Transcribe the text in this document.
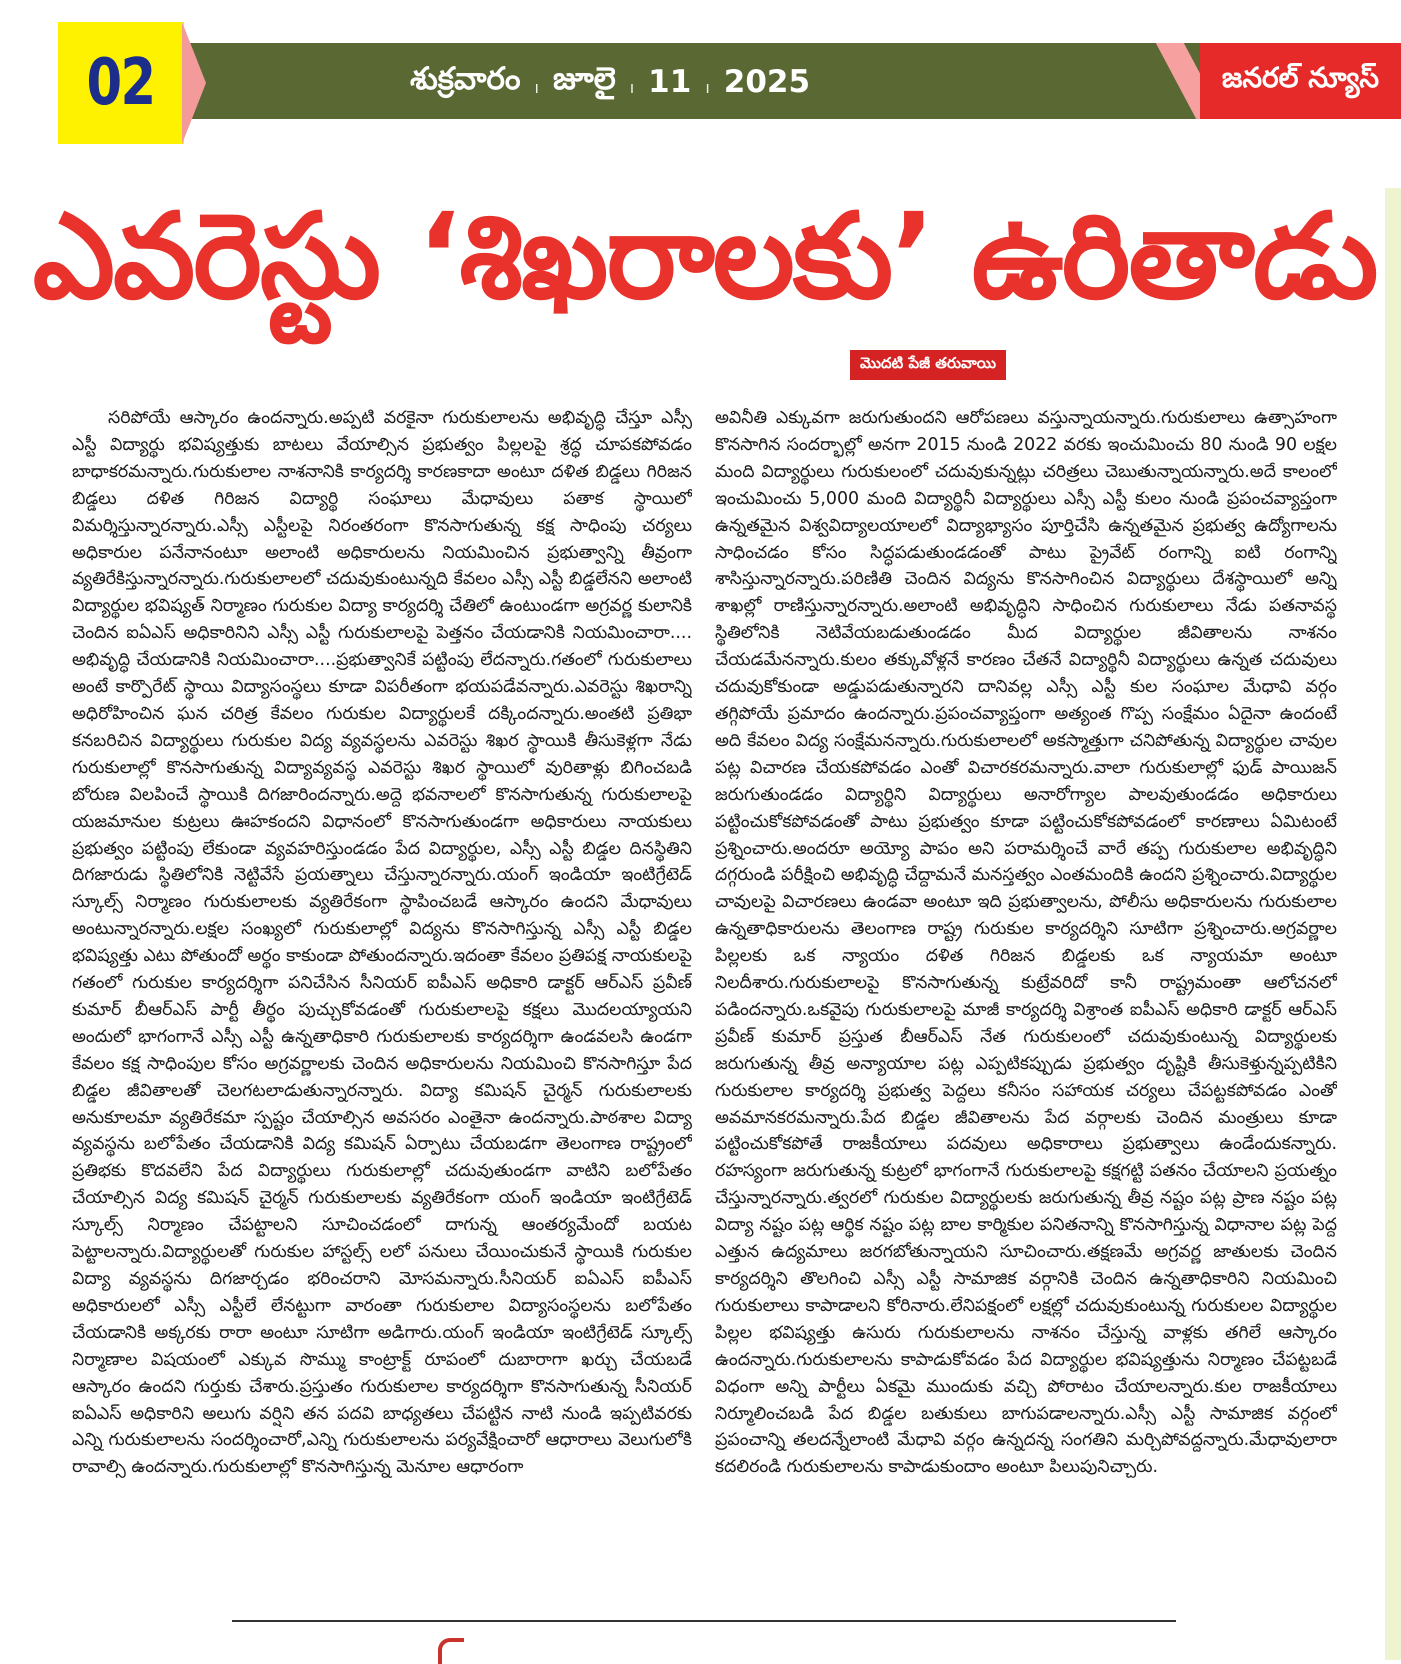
02	శుక్రవారం ı జూలై ı 11 ı 2025	జనరల్ న్యూస్
ఎవరెస్టు ‘శిఖరాలకు’ ఉరితాడు
మొదటి పేజీ తరువాయి
సరిపోయే ఆస్కారం ఉందన్నారు.అప్పటి వరకైనా గురుకులాలను అభివృద్ధి చేస్తూ ఎస్సీ ఎస్టీ విద్యార్థు భవిష్యత్తుకు బాటలు వేయాల్సిన ప్రభుత్వం పిల్లలపై శ్రద్ధ చూపకపోవడం బాధాకరమన్నారు.గురుకులాల నాశనానికి కార్యదర్శి కారణకాదా అంటూ దళిత బిడ్డలు గిరిజన బిడ్డలు దళిత గిరిజన విద్యార్థి సంఘాలు మేధావులు పతాక స్థాయిలో విమర్శిస్తున్నారన్నారు.ఎస్సీ ఎస్టీలపై నిరంతరంగా కొనసాగుతున్న కక్ష సాధింపు చర్యలు అధికారుల పనేనానంటూ అలాంటి అధికారులను నియమించిన ప్రభుత్వాన్ని తీవ్రంగా వ్యతిరేకిస్తున్నారన్నారు.గురుకులాలలో చదువుకుంటున్నది కేవలం ఎస్సీ ఎస్టీ బిడ్డలేనని అలాంటి విద్యార్థుల భవిష్యత్ నిర్మాణం గురుకుల విద్యా కార్యదర్శి చేతిలో ఉంటుండగా అగ్రవర్ణ కులానికి చెందిన ఐఏఎస్ అధికారినిని ఎస్సీ ఎస్టీ గురుకులాలపై పెత్తనం చేయడానికి నియమించారా.... అభివృద్ధి చేయడానికి నియమించారా....ప్రభుత్వానికే పట్టింపు లేదన్నారు.గతంలో గురుకులాలు అంటే కార్పొరేట్ స్థాయి విద్యాసంస్థలు కూడా విపరీతంగా భయపడేవన్నారు.ఎవరెస్టు శిఖరాన్ని అధిరోహించిన ఘన చరిత్ర కేవలం గురుకుల విద్యార్థులకే దక్కిందన్నారు.అంతటి ప్రతిభా కనబరిచిన విద్యార్థులు గురుకుల విద్య వ్యవస్థలను ఎవరెస్టు శిఖర స్థాయికి తీసుకెళ్లగా నేడు గురుకులాల్లో కొనసాగుతున్న విద్యావ్యవస్థ ఎవరెస్టు శిఖర స్థాయిలో వురితాళ్లు బిగించబడి బోరుణ విలపించే స్థాయికి దిగజారిందన్నారు.అద్దె భవనాలలో కొనసాగుతున్న గురుకులాలపై యజమానుల కుట్రలు ఊహకందని విధానంలో కొనసాగుతుండగా అధికారులు నాయకులు ప్రభుత్వం పట్టింపు లేకుండా వ్యవహరిస్తుండడం పేద విద్యార్థుల, ఎస్సీ ఎస్టీ బిడ్డల దినస్థితిని దిగజారుడు స్థితిలోనికి నెట్టివేసే ప్రయత్నాలు చేస్తున్నారన్నారు.యంగ్ ఇండియా ఇంటిగ్రేటెడ్ స్కూల్స్ నిర్మాణం గురుకులాలకు వ్యతిరేకంగా స్థాపించబడే ఆస్కారం ఉందని మేధావులు అంటున్నారన్నారు.లక్షల సంఖ్యలో గురుకులాల్లో విద్యను కొనసాగిస్తున్న ఎస్సీ ఎస్టీ బిడ్డల భవిష్యత్తు ఎటు పోతుందో అర్థం కాకుండా పోతుందన్నారు.ఇదంతా కేవలం ప్రతిపక్ష నాయకులపై గతంలో గురుకుల కార్యదర్శిగా పనిచేసిన సీనియర్ ఐపీఎస్ అధికారి డాక్టర్ ఆర్ఎస్ ప్రవీణ్ కుమార్ బీఆర్ఎస్ పార్టీ తీర్థం పుచ్చుకోవడంతో గురుకులాలపై కక్షలు మొదలయ్యాయని అందులో భాగంగానే ఎస్సీ ఎస్టీ ఉన్నతాధికారి గురుకులాలకు కార్యదర్శిగా ఉండవలసి ఉండగా కేవలం కక్ష సాధింపుల కోసం అగ్రవర్ణాలకు చెందిన అధికారులను నియమించి కొనసాగిస్తూ పేద బిడ్డల జీవితాలతో చెలగటలాడుతున్నారన్నారు. విద్యా కమిషన్ చైర్మన్ గురుకులాలకు అనుకూలమా వ్యతిరేకమా స్పష్టం చేయాల్సిన అవసరం ఎంతైనా ఉందన్నారు.పాఠశాల విద్యా వ్యవస్థను బలోపేతం చేయడానికి విద్య కమిషన్ ఏర్పాటు చేయబడగా తెలంగాణ రాష్ట్రంలో ప్రతిభకు కొదవలేని పేద విద్యార్థులు గురుకులాల్లో చదువుతుండగా వాటిని బలోపేతం చేయాల్సిన విద్య కమిషన్ చైర్మన్ గురుకులాలకు వ్యతిరేకంగా యంగ్ ఇండియా ఇంటిగ్రేటెడ్ స్కూల్స్ నిర్మాణం చేపట్టాలని సూచించడంలో దాగున్న ఆంతర్యమేందో బయట పెట్టాలన్నారు.విద్యార్థులతో గురుకుల హాస్టల్స్ లలో పనులు చేయించుకునే స్థాయికి గురుకుల విద్యా వ్యవస్థను దిగజార్చడం భరించరాని మోసమన్నారు.సీనియర్ ఐఏఎస్ ఐపీఎస్ అధికారులలో ఎస్సీ ఎస్టీలే లేనట్టుగా వారంతా గురుకులాల విద్యాసంస్థలను బలోపేతం చేయడానికి అక్కరకు రారా అంటూ సూటిగా అడిగారు.యంగ్ ఇండియా ఇంటిగ్రేటెడ్ స్కూల్స్ నిర్మాణాల విషయంలో ఎక్కువ సొమ్ము కాంట్రాక్ట్ రూపంలో దుబారాగా ఖర్చు చేయబడే ఆస్కారం ఉందని గుర్తుకు చేశారు.ప్రస్తుతం గురుకులాల కార్యదర్శిగా కొనసాగుతున్న సీనియర్ ఐఏఎస్ అధికారిని అలుగు వర్షిని తన పదవి బాధ్యతలు చేపట్టిన నాటి నుండి ఇప్పటివరకు ఎన్ని గురుకులాలను సందర్శించారో,ఎన్ని గురుకులాలను పర్యవేక్షించారో ఆధారాలు వెలుగులోకి రావాల్సి ఉందన్నారు.గురుకులాల్లో కొనసాగిస్తున్న మెనూల ఆధారంగా
అవినీతి ఎక్కువగా జరుగుతుందని ఆరోపణలు వస్తున్నాయన్నారు.గురుకులాలు ఉత్సాహంగా కొనసాగిన సందర్భాల్లో అనగా 2015 నుండి 2022 వరకు ఇంచుమించు 80 నుండి 90 లక్షల మంది విద్యార్థులు గురుకులంలో చదువుకున్నట్లు చరిత్రలు చెబుతున్నాయన్నారు.అదే కాలంలో ఇంచుమించు 5,000 మంది విద్యార్థినీ విద్యార్థులు ఎస్సీ ఎస్టీ కులం నుండి ప్రపంచవ్యాప్తంగా ఉన్నతమైన విశ్వవిద్యాలయాలలో విద్యాభ్యాసం పూర్తిచేసి ఉన్నతమైన ప్రభుత్వ ఉద్యోగాలను సాధించడం కోసం సిద్ధపడుతుండడంతో పాటు ప్రైవేట్ రంగాన్ని ఐటి రంగాన్ని శాసిస్తున్నారన్నారు.పరిణితి చెందిన విద్యను కొనసాగించిన విద్యార్థులు దేశస్థాయిలో అన్ని శాఖల్లో రాణిస్తున్నారన్నారు.అలాంటి అభివృద్ధిని సాధించిన గురుకులాలు నేడు పతనావస్థ స్థితిలోనికి నెటివేయబడుతుండడం మీద విద్యార్థుల జీవితాలను నాశనం చేయడమేనన్నారు.కులం తక్కువోళ్లనే కారణం చేతనే విద్యార్థినీ విద్యార్థులు ఉన్నత చదువులు చదువుకోకుండా అడ్డుపడుతున్నారని దానివల్ల ఎస్సీ ఎస్టీ కుల సంఘాల మేధావి వర్గం తగ్గిపోయే ప్రమాదం ఉందన్నారు.ప్రపంచవ్యాప్తంగా అత్యంత గొప్ప సంక్షేమం ఏదైనా ఉందంటే అది కేవలం విద్య సంక్షేమనన్నారు.గురుకులాలలో అకస్మాత్తుగా చనిపోతున్న విద్యార్థుల చావుల పట్ల విచారణ చేయకపోవడం ఎంతో విచారకరమన్నారు.వాలా గురుకులాల్లో ఫుడ్ పాయిజన్ జరుగుతుండడం విద్యార్థిని విద్యార్థులు అనారోగ్యాల పాలవుతుండడం అధికారులు పట్టించుకోకపోవడంతో పాటు ప్రభుత్వం కూడా పట్టించుకోకపోవడంలో కారణాలు ఏమిటంటే ప్రశ్నించారు.అందరూ అయ్యో పాపం అని పరామర్శించే వారే తప్ప గురుకులాల అభివృద్ధిని దగ్గరుండి పరీక్షించి అభివృద్ధి చేద్దామనే మనస్తత్వం ఎంతమందికి ఉందని ప్రశ్నించారు.విద్యార్థుల చావులపై విచారణలు ఉండవా అంటూ ఇది ప్రభుత్వాలను, పోలీసు అధికారులను గురుకులాల ఉన్నతాధికారులను తెలంగాణ రాష్ట్ర గురుకుల కార్యదర్శిని సూటిగా ప్రశ్నించారు.అగ్రవర్ణాల పిల్లలకు ఒక న్యాయం దళిత గిరిజన బిడ్డలకు ఒక న్యాయమా అంటూ నిలదీశారు.గురుకులాలపై కొనసాగుతున్న కుట్రేవరిదో కానీ రాష్ట్రమంతా ఆలోచనలో పడిందన్నారు.ఒకవైపు గురుకులాలపై మాజీ కార్యదర్శి విశ్రాంత ఐపీఎస్ అధికారి డాక్టర్ ఆర్ఎస్ ప్రవీణ్ కుమార్ ప్రస్తుత బీఆర్ఎస్ నేత గురుకులంలో చదువుకుంటున్న విద్యార్థులకు జరుగుతున్న తీవ్ర అన్యాయాల పట్ల ఎప్పటికప్పుడు ప్రభుత్వం దృష్టికి తీసుకెళ్తున్నప్పటికిని గురుకులాల కార్యదర్శి ప్రభుత్వ పెద్దలు కనీసం సహాయక చర్యలు చేపట్టకపోవడం ఎంతో అవమానకరమన్నారు.పేద బిడ్డల జీవితాలను పేద వర్గాలకు చెందిన మంత్రులు కూడా పట్టించుకోకపోతే రాజకీయాలు పదవులు అధికారాలు ప్రభుత్వాలు ఉండేందుకన్నారు. రహస్యంగా జరుగుతున్న కుట్రలో భాగంగానే గురుకులాలపై కక్షగట్టి పతనం చేయాలని ప్రయత్నం చేస్తున్నారన్నారు.త్వరలో గురుకుల విద్యార్థులకు జరుగుతున్న తీవ్ర నష్టం పట్ల ప్రాణ నష్టం పట్ల విద్యా నష్టం పట్ల ఆర్థిక నష్టం పట్ల బాల కార్మికుల పనితనాన్ని కొనసాగిస్తున్న విధానాల పట్ల పెద్ద ఎత్తున ఉద్యమాలు జరగబోతున్నాయని సూచించారు.తక్షణమే అగ్రవర్ణ జాతులకు చెందిన కార్యదర్శిని తొలగించి ఎస్సీ ఎస్టీ సామాజిక వర్గానికి చెందిన ఉన్నతాధికారిని నియమించి గురుకులాలు కాపాడాలని కోరినారు.లేనిపక్షంలో లక్షల్లో చదువుకుంటున్న గురుకులల విద్యార్థుల పిల్లల భవిష్యత్తు ఉసురు గురుకులాలను నాశనం చేస్తున్న వాళ్లకు తగిలే ఆస్కారం ఉందన్నారు.గురుకులాలను కాపాడుకోవడం పేద విద్యార్థుల భవిష్యత్తును నిర్మాణం చేపట్టబడే విధంగా అన్ని పార్టీలు ఏకమై ముందుకు వచ్చి పోరాటం చేయాలన్నారు.కుల రాజకీయాలు నిర్మూలించబడి పేద బిడ్డల బతుకులు బాగుపడాలన్నారు.ఎస్సీ ఎస్టీ సామాజిక వర్గంలో ప్రపంచాన్ని తలదన్నేలాంటి మేధావి వర్గం ఉన్నదన్న సంగతిని మర్చిపోవద్దన్నారు.మేధావులారా కదలిరండి గురుకులాలను కాపాడుకుందాం అంటూ పిలుపునిచ్చారు.
